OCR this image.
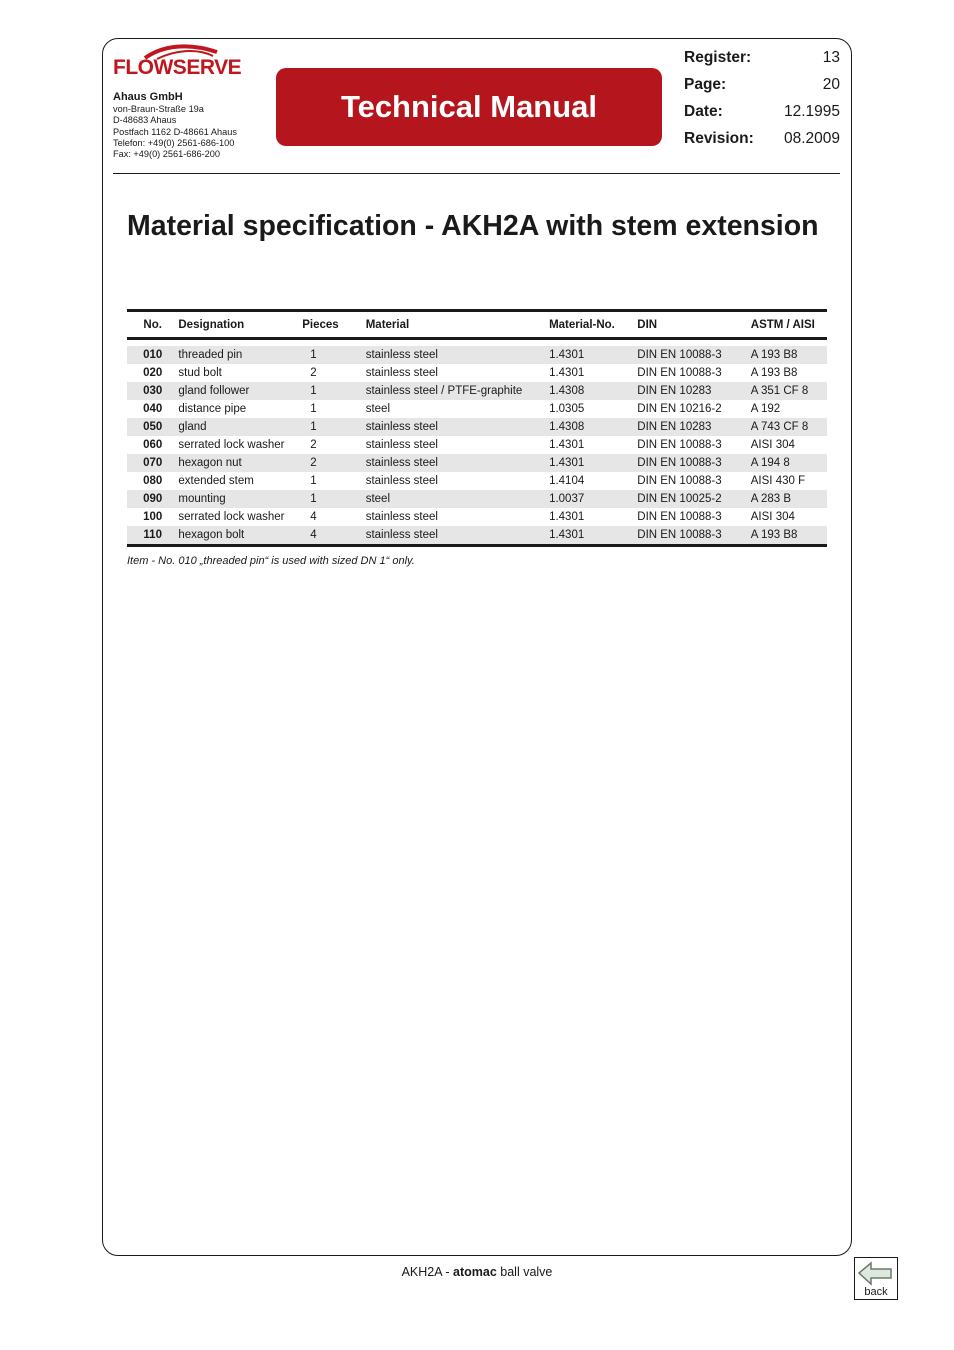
FLOWSERVE
Ahaus GmbH
von-Braun-Straße 19a
D-48683 Ahaus
Postfach 1162 D-48661 Ahaus
Telefon: +49(0) 2561-686-100
Fax: +49(0) 2561-686-200
Technical Manual
Register:	13
Page:	20
Date:	12.1995
Revision: 08.2009
Material specification - AKH2A with stem extension
No.	Designation	Pieces	Material	Material-No.	DIN	ASTM / AISI

010	threaded pin	1	stainless steel	1.4301	DIN EN 10088-3	A 193 B8
020	stud bolt	2	stainless steel	1.4301	DIN EN 10088-3	A 193 B8
030	gland follower	1	stainless steel / PTFE-graphite	1.4308	DIN EN 10283	A 351 CF 8
040	distance pipe	1	steel	1.0305	DIN EN 10216-2	A 192
050	gland	1	stainless steel	1.4308	DIN EN 10283	A 743 CF 8
060	serrated lock washer	2	stainless steel	1.4301	DIN EN 10088-3	AISI 304
070	hexagon nut	2	stainless steel	1.4301	DIN EN 10088-3	A 194 8
080	extended stem	1	stainless steel	1.4104	DIN EN 10088-3	AISI 430 F
090	mounting	1	steel	1.0037	DIN EN 10025-2	A 283 B
100	serrated lock washer	4	stainless steel	1.4301	DIN EN 10088-3	AISI 304
110	hexagon bolt	4	stainless steel	1.4301	DIN EN 10088-3	A 193 B8
Item - No. 010 „threaded pin“ is used with sized DN 1“ only.
AKH2A - atomac ball valve
back
